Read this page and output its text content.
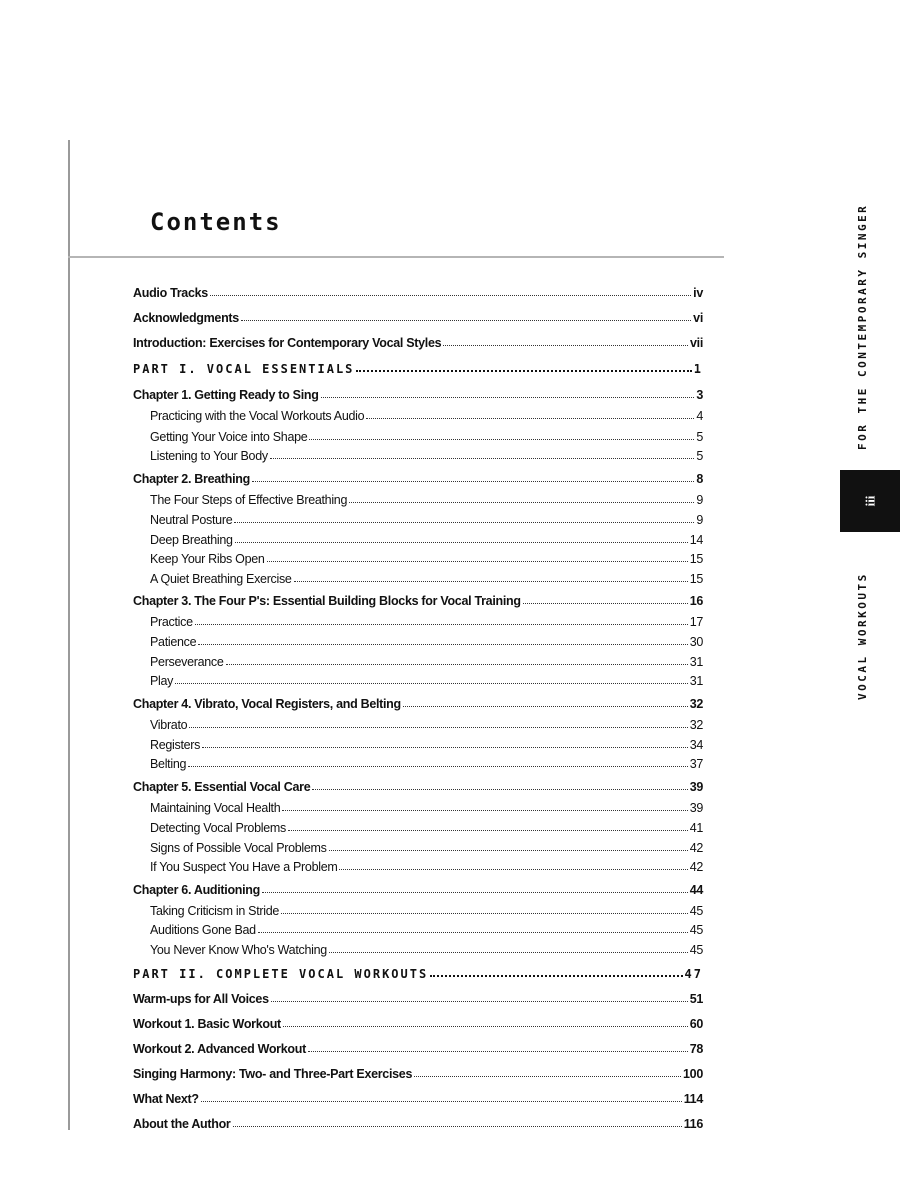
Contents
Audio Tracks	iv
Acknowledgments	vi
Introduction: Exercises for Contemporary Vocal Styles	vii
PART I. VOCAL ESSENTIALS	1
Chapter 1. Getting Ready to Sing	3
Practicing with the Vocal Workouts Audio	4
Getting Your Voice into Shape	5
Listening to Your Body	5
Chapter 2. Breathing	8
The Four Steps of Effective Breathing	9
Neutral Posture	9
Deep Breathing	14
Keep Your Ribs Open	15
A Quiet Breathing Exercise	15
Chapter 3. The Four P's: Essential Building Blocks for Vocal Training	16
Practice	17
Patience	30
Perseverance	31
Play	31
Chapter 4. Vibrato, Vocal Registers, and Belting	32
Vibrato	32
Registers	34
Belting	37
Chapter 5. Essential Vocal Care	39
Maintaining Vocal Health	39
Detecting Vocal Problems	41
Signs of Possible Vocal Problems	42
If You Suspect You Have a Problem	42
Chapter 6. Auditioning	44
Taking Criticism in Stride	45
Auditions Gone Bad	45
You Never Know Who's Watching	45
PART II. COMPLETE VOCAL WORKOUTS	47
Warm-ups for All Voices	51
Workout 1. Basic Workout	60
Workout 2. Advanced Workout	78
Singing Harmony: Two- and Three-Part Exercises	100
What Next?	114
About the Author	116
FOR THE CONTEMPORARY SINGER
iii
VOCAL WORKOUTS
